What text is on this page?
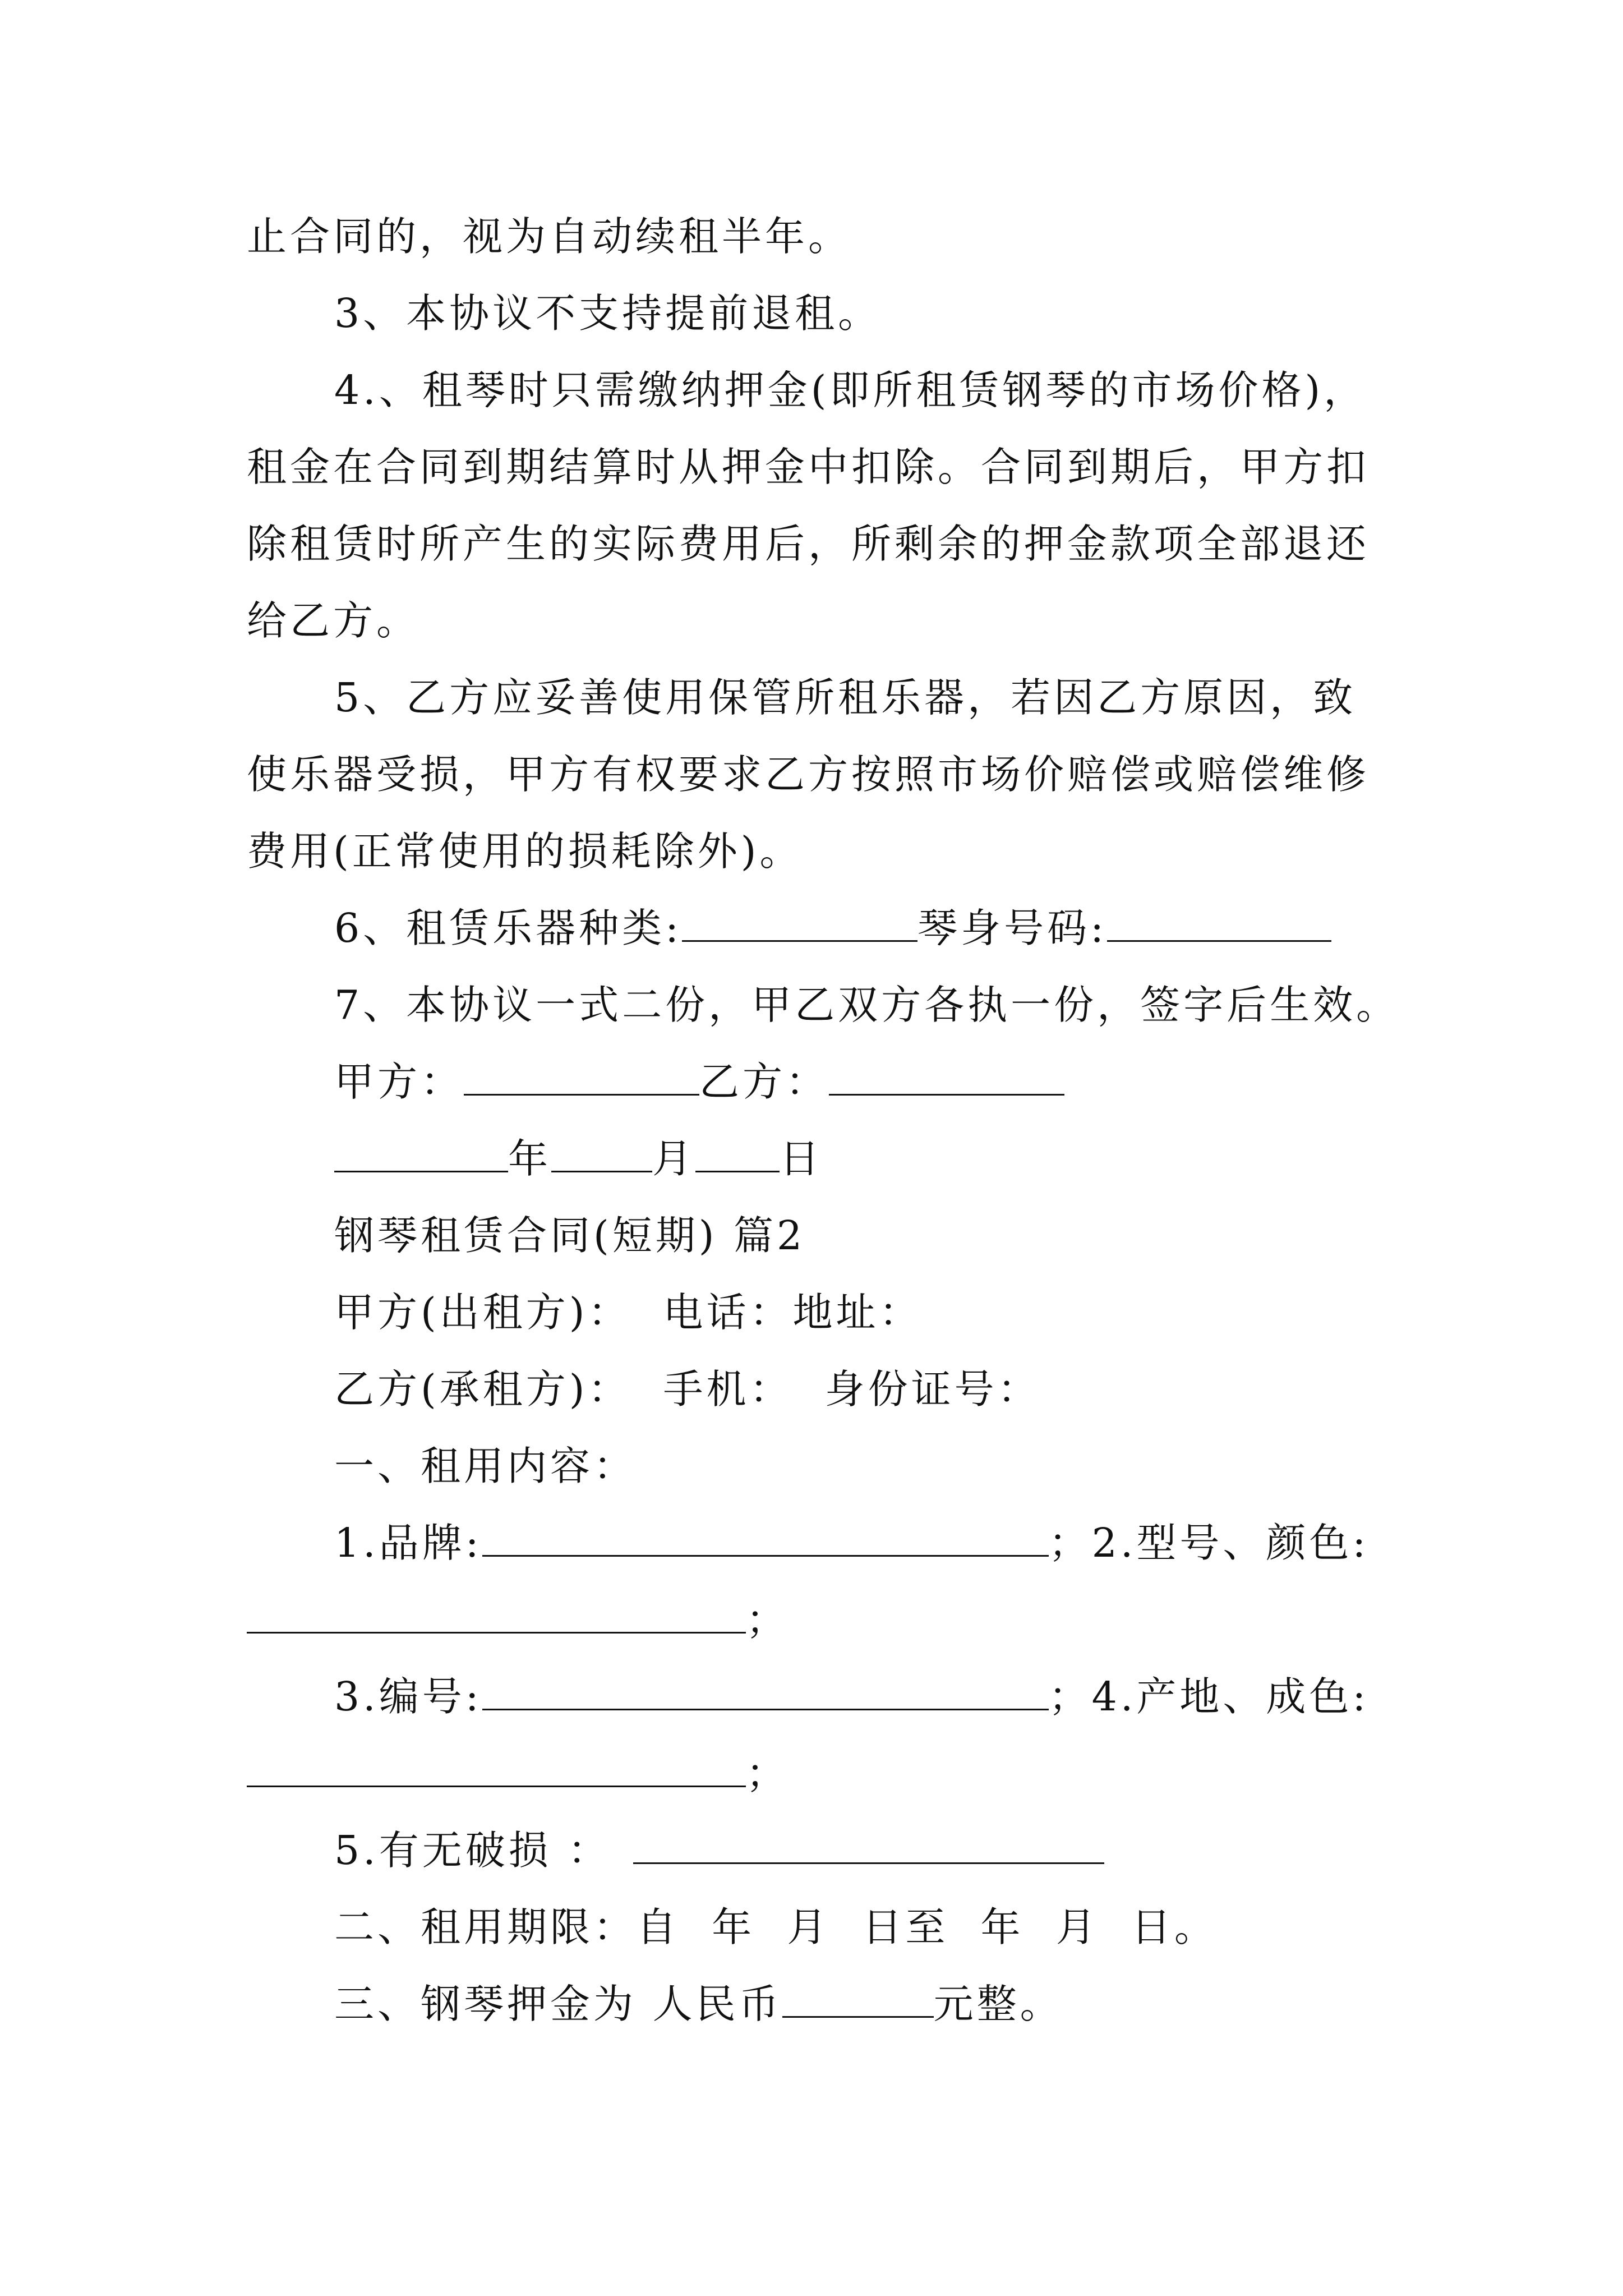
止合同的，视为自动续租半年。
3、本协议不支持提前退租。
4.、租琴时只需缴纳押金(即所租赁钢琴的市场价格)，
租金在合同到期结算时从押金中扣除。合同到期后，甲方扣
除租赁时所产生的实际费用后，所剩余的押金款项全部退还
给乙方。
5、乙方应妥善使用保管所租乐器，若因乙方原因，致
使乐器受损，甲方有权要求乙方按照市场价赔偿或赔偿维修
费用(正常使用的损耗除外)。
6、租赁乐器种类:	琴身号码:
7、本协议一式二份，甲乙双方各执一份，签字后生效。
甲方：	乙方：
年	月 日
钢琴租赁合同(短期) 篇2
甲方(出租方)：  电话：地址：
乙方(承租方)：  手机：  身份证号：
一、租用内容：
1.品牌:	；2.型号、颜色:
；
3.编号:	；4.产地、成色:
；
5.有无破损 ：
二、租用期限：自  年  月  日至  年  月  日。
三、钢琴押金为 人民币	元整。
